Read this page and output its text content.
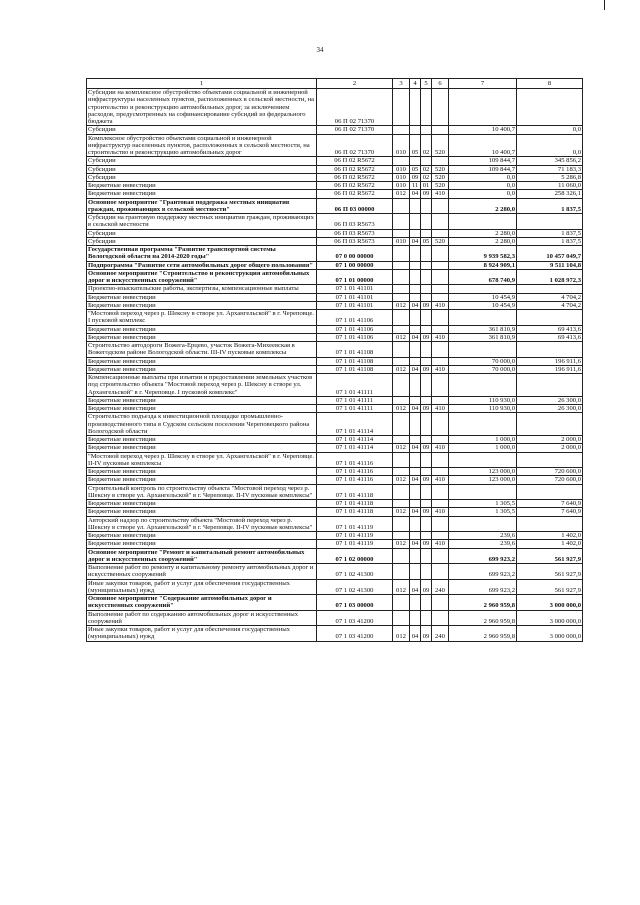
34
1	2	3	4	5	6	7	8
Субсидии на комплексное обустройство объектами социальной и инженерной инфраструктуры населенных пунктов, расположенных в сельской местности, на строительство и реконструкцию автомобильных дорог, за исключением расходов, предусмотренных на софинансирование субсидий из федерального бюджета	06 П 02 71370						
Субсидии	06 П 02 71370					10 400,7	0,0
Комплексное обустройство объектами социальной и инженерной инфраструктур населенных пунктов, расположенных в сельской местности, на строительство и реконструкцию автомобильных дорог	06 П 02 71370	010	05	02	520	10 400,7	0,0
Субсидии	06 П 02 R5672					109 844,7	345 856,2
Субсидии	06 П 02 R5672	010	05	02	520	109 844,7	71 183,3
Субсидии	06 П 02 R5672	010	09	02	520	0,0	5 286,8
Бюджетные инвестиции	06 П 02 R5672	010	11	01	520	0,0	11 060,0
Бюджетные инвестиции	06 П 02 R5672	012	04	09	410	0,0	258 326,1
Основное мероприятие "Грантовая поддержка местных инициатив граждан, проживающих в сельской местности"	06 П 03 00000					2 280,0	1 837,5
Субсидии на грантовую поддержку местных инициатив граждан, проживающих в сельской местности	06 П 03 R5673						
Субсидии	06 П 03 R5673					2 280,0	1 837,5
Субсидии	06 П 03 R5673	010	04	05	520	2 280,0	1 837,5
Государственная программа "Развитие транспортной системы Вологодской области на 2014-2020 годы"	07 0 00 00000					9 939 582,3	10 457 049,7
Подпрограмма "Развитие сети автомобильных дорог общего пользования"	07 1 00 00000					8 924 909,1	9 511 104,8
Основное мероприятие "Строительство и реконструкция автомобильных дорог и искусственных сооружений"	07 1 01 00000					678 740,9	1 028 972,3
Проектно-изыскательские работы, экспертизы, компенсационные выплаты	07 1 01 41101						
Бюджетные инвестиции	07 1 01 41101					10 454,9	4 704,2
Бюджетные инвестиции	07 1 01 41101	012	04	09	410	10 454,9	4 704,2
"Мостовой переход через р. Шексну в створе ул. Архангельской" в г. Череповце. I пусковой комплекс	07 1 01 41106						
Бюджетные инвестиции	07 1 01 41106					361 810,9	69 413,6
Бюджетные инвестиции	07 1 01 41106	012	04	09	410	361 810,9	69 413,6
Строительство автодороги Вожега-Ерцево, участок Вожега-Михеевская в Вожегодском районе Вологодской области. III-IV пусковые комплексы	07 1 01 41108						
Бюджетные инвестиции	07 1 01 41108					70 000,0	196 911,6
Бюджетные инвестиции	07 1 01 41108	012	04	09	410	70 000,0	196 911,6
Компенсационные выплаты при изъятии и предоставлении земельных участков под строительство объекта "Мостовой переход через р. Шексну в створе ул. Архангельской" в г. Череповце. I пусковой комплекс"	07 1 01 41111						
Бюджетные инвестиции	07 1 01 41111					110 930,0	26 300,0
Бюджетные инвестиции	07 1 01 41111	012	04	09	410	110 930,0	26 300,0
Строительство подъезда к инвестиционной площадке промышленно-производственного типа в Судском сельском поселении Череповецкого района Вологодской области	07 1 01 41114						
Бюджетные инвестиции	07 1 01 41114					1 000,0	2 000,0
Бюджетные инвестиции	07 1 01 41114	012	04	09	410	1 000,0	2 000,0
"Мостовой переход через р. Шексну в створе ул. Архангельской" в г. Череповце. II-IV пусковые комплексы	07 1 01 41116						
Бюджетные инвестиции	07 1 01 41116					123 000,0	720 600,0
Бюджетные инвестиции	07 1 01 41116	012	04	09	410	123 000,0	720 600,0
Строительный контроль по строительству объекта "Мостовой переход через р. Шексну в створе ул. Архангельской" в г. Череповце. II-IV пусковые комплексы"	07 1 01 41118						
Бюджетные инвестиции	07 1 01 41118					1 305,5	7 640,9
Бюджетные инвестиции	07 1 01 41118	012	04	09	410	1 305,5	7 640,9
Авторский надзор по строительству объекта "Мостовой переход через р. Шексну в створе ул. Архангельской" в г. Череповце. II-IV пусковые комплексы"	07 1 01 41119						
Бюджетные инвестиции	07 1 01 41119					239,6	1 402,0
Бюджетные инвестиции	07 1 01 41119	012	04	09	410	239,6	1 402,0
Основное мероприятие "Ремонт и капитальный ремонт автомобильных дорог и искусственных сооружений"	07 1 02 00000					699 923,2	561 927,9
Выполнение работ по ремонту и капитальному ремонту автомобильных дорог и искусственных сооружений	07 1 02 41300					699 923,2	561 927,9
Иные закупки товаров, работ и услуг для обеспечения государственных (муниципальных) нужд	07 1 02 41300	012	04	09	240	699 923,2	561 927,9
Основное мероприятие "Содержание автомобильных дорог и искусственных сооружений"	07 1 03 00000					2 960 959,8	3 000 000,0
Выполнение работ по содержанию автомобильных дорог и искусственных сооружений	07 1 03 41200					2 960 959,8	3 000 000,0
Иные закупки товаров, работ и услуг для обеспечения государственных (муниципальных) нужд	07 1 03 41200	012	04	09	240	2 960 959,8	3 000 000,0
